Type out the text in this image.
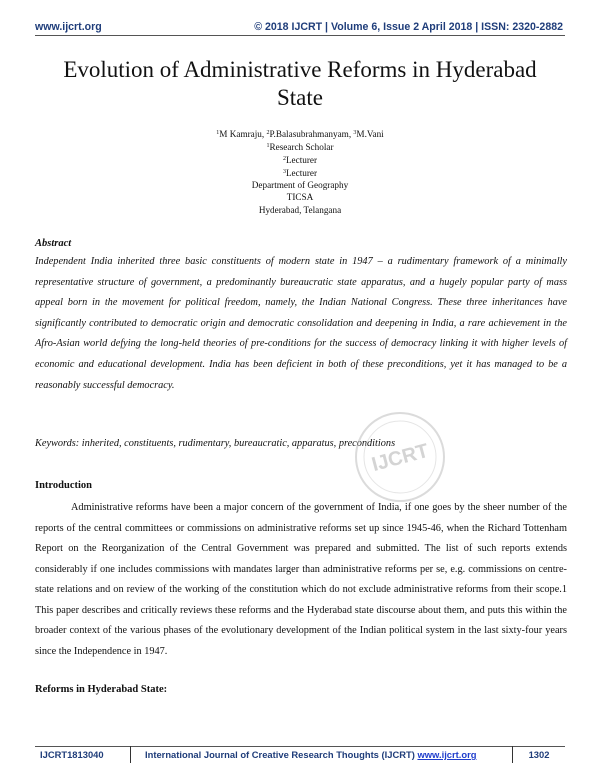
www.ijcrt.org	© 2018 IJCRT | Volume 6, Issue 2 April 2018 | ISSN: 2320-2882
Evolution of Administrative Reforms in Hyderabad State
$^1$M Kamraju, $^2$P.Balasubrahmanyam, $^3$M.Vani
$^1$Research Scholar
$^2$Lecturer
$^3$Lecturer
Department of Geography
TICSA
Hyderabad, Telangana
Abstract
Independent India inherited three basic constituents of modern state in 1947 – a rudimentary framework of a minimally representative structure of government, a predominantly bureaucratic state apparatus, and a hugely popular party of mass appeal born in the movement for political freedom, namely, the Indian National Congress. These three inheritances have significantly contributed to democratic origin and democratic consolidation and deepening in India, a rare achievement in the Afro-Asian world defying the long-held theories of pre-conditions for the success of democracy linking it with higher levels of economic and educational development. India has been deficient in both of these preconditions, yet it has managed to be a reasonably successful democracy.
Keywords: inherited, constituents, rudimentary, bureaucratic, apparatus, preconditions
IJCRT
Introduction

Administrative reforms have been a major concern of the government of India, if one goes by the sheer number of the reports of the central committees or commissions on administrative reforms set up since 1945-46, when the Richard Tottenham Report on the Reorganization of the Central Government was prepared and submitted. The list of such reports extends considerably if one includes commissions with mandates larger than administrative reforms per se, e.g. commissions on centre-state relations and on review of the working of the constitution which do not exclude administrative reforms from their scope.1 This paper describes and critically reviews these reforms and the Hyderabad state discourse about them, and puts this within the broader context of the various phases of the evolutionary development of the Indian political system in the last sixty-four years since the Independence in 1947.

Reforms in Hyderabad State:
IJCRT1813040	International Journal of Creative Research Thoughts (IJCRT) www.ijcrt.org	1302
